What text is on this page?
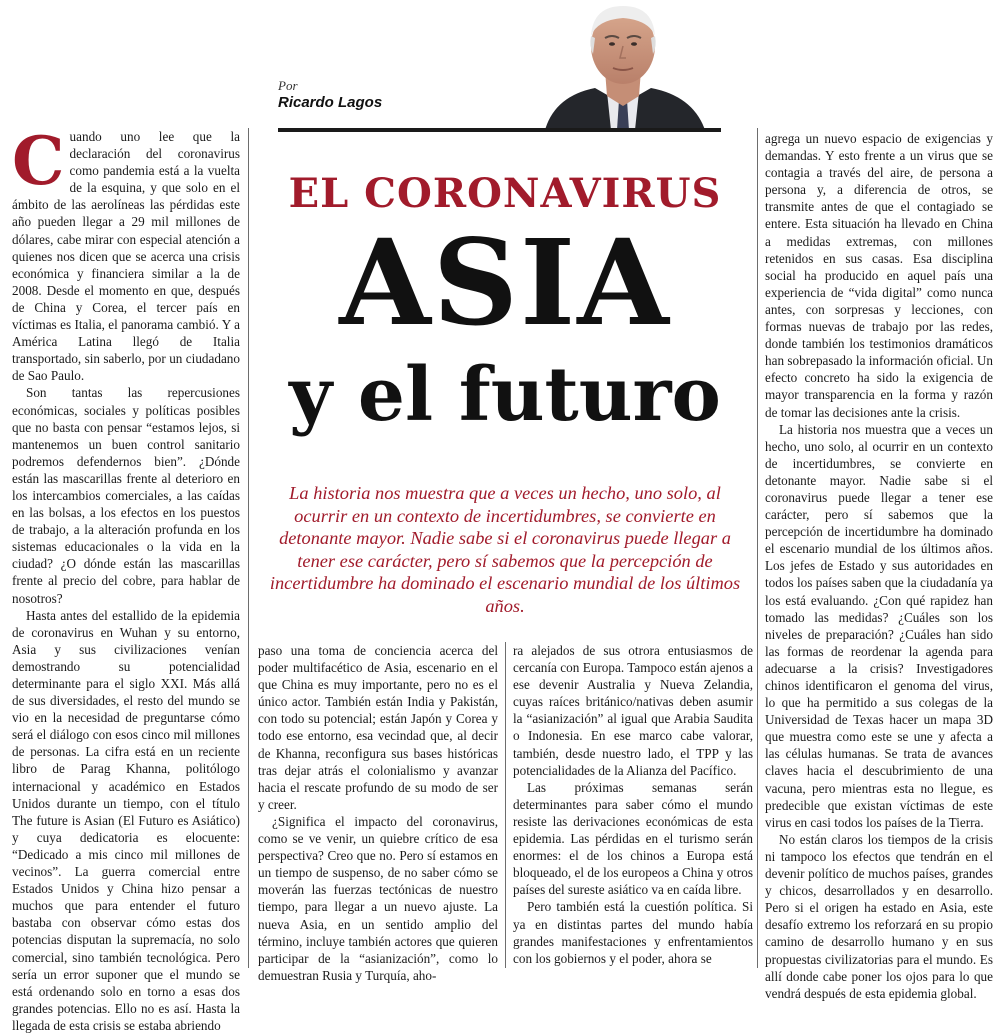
Por
Ricardo Lagos
EL CORONAVIRUS
ASIA
y el futuro
La historia nos muestra que a veces un hecho, uno solo, al ocurrir en un contexto de incertidumbres, se convierte en detonante mayor. Nadie sabe si el coronavirus puede llegar a tener ese carácter, pero sí sabemos que la percepción de incertidumbre ha dominado el escenario mundial de los últimos años.

Cuando uno lee que la declaración del coronavirus como pandemia está a la vuelta de la esquina, y que solo en el ámbito de las aerolíneas las pérdidas este año pueden llegar a 29 mil millones de dólares, cabe mirar con especial atención a quienes nos dicen que se acerca una crisis económica y financiera similar a la de 2008. Desde el momento en que, después de China y Corea, el tercer país en víctimas es Italia, el panorama cambió. Y a América Latina llegó de Italia transportado, sin saberlo, por un ciudadano de Sao Paulo.

Son tantas las repercusiones económicas, sociales y políticas posibles que no basta con pensar “estamos lejos, si mantenemos un buen control sanitario podremos defendernos bien”. ¿Dónde están las mascarillas frente al deterioro en los intercambios comerciales, a las caídas en las bolsas, a los efectos en los puestos de trabajo, a la alteración profunda en los sistemas educacionales o la vida en la ciudad? ¿O dónde están las mascarillas frente al precio del cobre, para hablar de nosotros?

Hasta antes del estallido de la epidemia de coronavirus en Wuhan y su entorno, Asia y sus civilizaciones venían demostrando su potencialidad determinante para el siglo XXI. Más allá de sus diversidades, el resto del mundo se vio en la necesidad de preguntarse cómo será el diálogo con esos cinco mil millones de personas. La cifra está en un reciente libro de Parag Khanna, politólogo internacional y académico en Estados Unidos durante un tiempo, con el título The future is Asian (El Futuro es Asiático) y cuya dedicatoria es elocuente: “Dedicado a mis cinco mil millones de vecinos”. La guerra comercial entre Estados Unidos y China hizo pensar a muchos que para entender el futuro bastaba con observar cómo estas dos potencias disputan la supremacía, no solo comercial, sino también tecnológica. Pero sería un error suponer que el mundo se está ordenando solo en torno a esas dos grandes potencias. Ello no es así. Hasta la llegada de esta crisis se estaba abriendo

paso una toma de conciencia acerca del poder multifacético de Asia, escenario en el que China es muy importante, pero no es el único actor. También están India y Pakistán, con todo su potencial; están Japón y Corea y todo ese entorno, esa vecindad que, al decir de Khanna, reconfigura sus bases históricas tras dejar atrás el colonialismo y avanzar hacia el rescate profundo de su modo de ser y creer.

¿Significa el impacto del coronavirus, como se ve venir, un quiebre crítico de esa perspectiva? Creo que no. Pero sí estamos en un tiempo de suspenso, de no saber cómo se moverán las fuerzas tectónicas de nuestro tiempo, para llegar a un nuevo ajuste. La nueva Asia, en un sentido amplio del término, incluye también actores que quieren participar de la “asianización”, como lo demuestran Rusia y Turquía, aho-

ra alejados de sus otrora entusiasmos de cercanía con Europa. Tampoco están ajenos a ese devenir Australia y Nueva Zelandia, cuyas raíces británico/nativas deben asumir la “asianización” al igual que Arabia Saudita o Indonesia. En ese marco cabe valorar, también, desde nuestro lado, el TPP y las potencialidades de la Alianza del Pacífico.

Las próximas semanas serán determinantes para saber cómo el mundo resiste las derivaciones económicas de esta epidemia. Las pérdidas en el turismo serán enormes: el de los chinos a Europa está bloqueado, el de los europeos a China y otros países del sureste asiático va en caída libre.

Pero también está la cuestión política. Si ya en distintas partes del mundo había grandes manifestaciones y enfrentamientos con los gobiernos y el poder, ahora se

agrega un nuevo espacio de exigencias y demandas. Y esto frente a un virus que se contagia a través del aire, de persona a persona y, a diferencia de otros, se transmite antes de que el contagiado se entere. Esta situación ha llevado en China a medidas extremas, con millones retenidos en sus casas. Esa disciplina social ha producido en aquel país una experiencia de “vida digital” como nunca antes, con sorpresas y lecciones, con formas nuevas de trabajo por las redes, donde también los testimonios dramáticos han sobrepasado la información oficial. Un efecto concreto ha sido la exigencia de mayor transparencia en la forma y razón de tomar las decisiones ante la crisis.

La historia nos muestra que a veces un hecho, uno solo, al ocurrir en un contexto de incertidumbres, se convierte en detonante mayor. Nadie sabe si el coronavirus puede llegar a tener ese carácter, pero sí sabemos que la percepción de incertidumbre ha dominado el escenario mundial de los últimos años. Los jefes de Estado y sus autoridades en todos los países saben que la ciudadanía ya los está evaluando. ¿Con qué rapidez han tomado las medidas? ¿Cuáles son los niveles de preparación? ¿Cuáles han sido las formas de reordenar la agenda para adecuarse a la crisis? Investigadores chinos identificaron el genoma del virus, lo que ha permitido a sus colegas de la Universidad de Texas hacer un mapa 3D que muestra como este se une y afecta a las células humanas. Se trata de avances claves hacia el descubrimiento de una vacuna, pero mientras esta no llegue, es predecible que existan víctimas de este virus en casi todos los países de la Tierra.

No están claros los tiempos de la crisis ni tampoco los efectos que tendrán en el devenir político de muchos países, grandes y chicos, desarrollados y en desarrollo. Pero si el origen ha estado en Asia, este desafío extremo los reforzará en su propio camino de desarrollo humano y en sus propuestas civilizatorias para el mundo. Es allí donde cabe poner los ojos para lo que vendrá después de esta epidemia global.
